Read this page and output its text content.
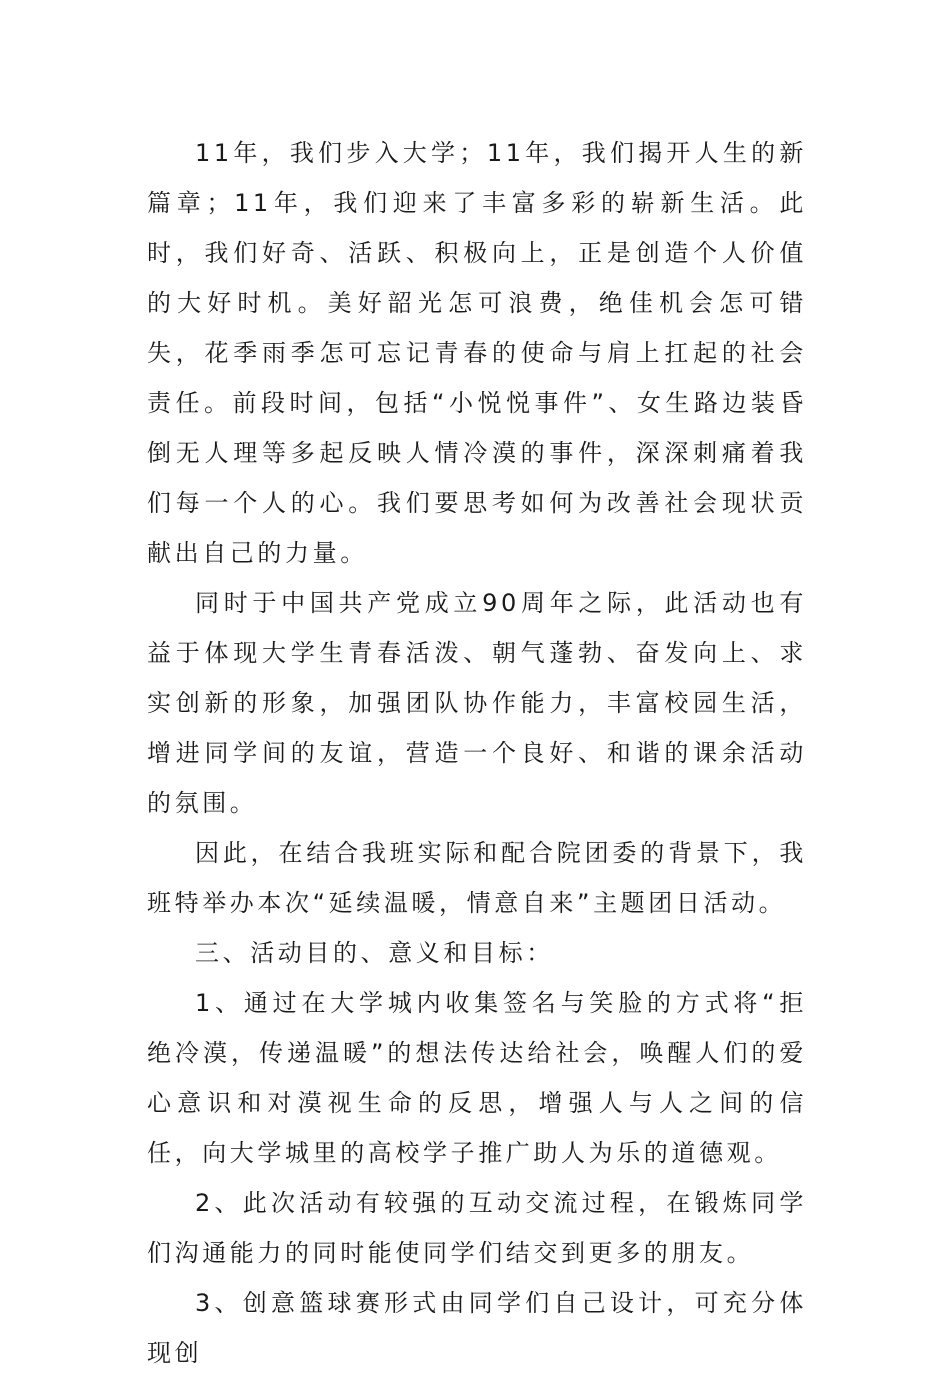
11年，我们步入大学；11年，我们揭开人生的新篇章；11年，我们迎来了丰富多彩的崭新生活。此时，我们好奇、活跃、积极向上，正是创造个人价值的大好时机。美好韶光怎可浪费，绝佳机会怎可错失，花季雨季怎可忘记青春的使命与肩上扛起的社会责任。前段时间，包括“小悦悦事件”、女生路边装昏倒无人理等多起反映人情冷漠的事件，深深刺痛着我们每一个人的心。我们要思考如何为改善社会现状贡献出自己的力量。

同时于中国共产党成立90周年之际，此活动也有益于体现大学生青春活泼、朝气蓬勃、奋发向上、求实创新的形象，加强团队协作能力，丰富校园生活，增进同学间的友谊，营造一个良好、和谐的课余活动的氛围。

因此，在结合我班实际和配合院团委的背景下，我班特举办本次“延续温暖，情意自来”主题团日活动。

三、活动目的、意义和目标：

1、通过在大学城内收集签名与笑脸的方式将“拒绝冷漠，传递温暖”的想法传达给社会，唤醒人们的爱心意识和对漠视生命的反思，增强人与人之间的信任，向大学城里的高校学子推广助人为乐的道德观。

2、此次活动有较强的互动交流过程，在锻炼同学们沟通能力的同时能使同学们结交到更多的朋友。

3、创意篮球赛形式由同学们自己设计，可充分体现创
